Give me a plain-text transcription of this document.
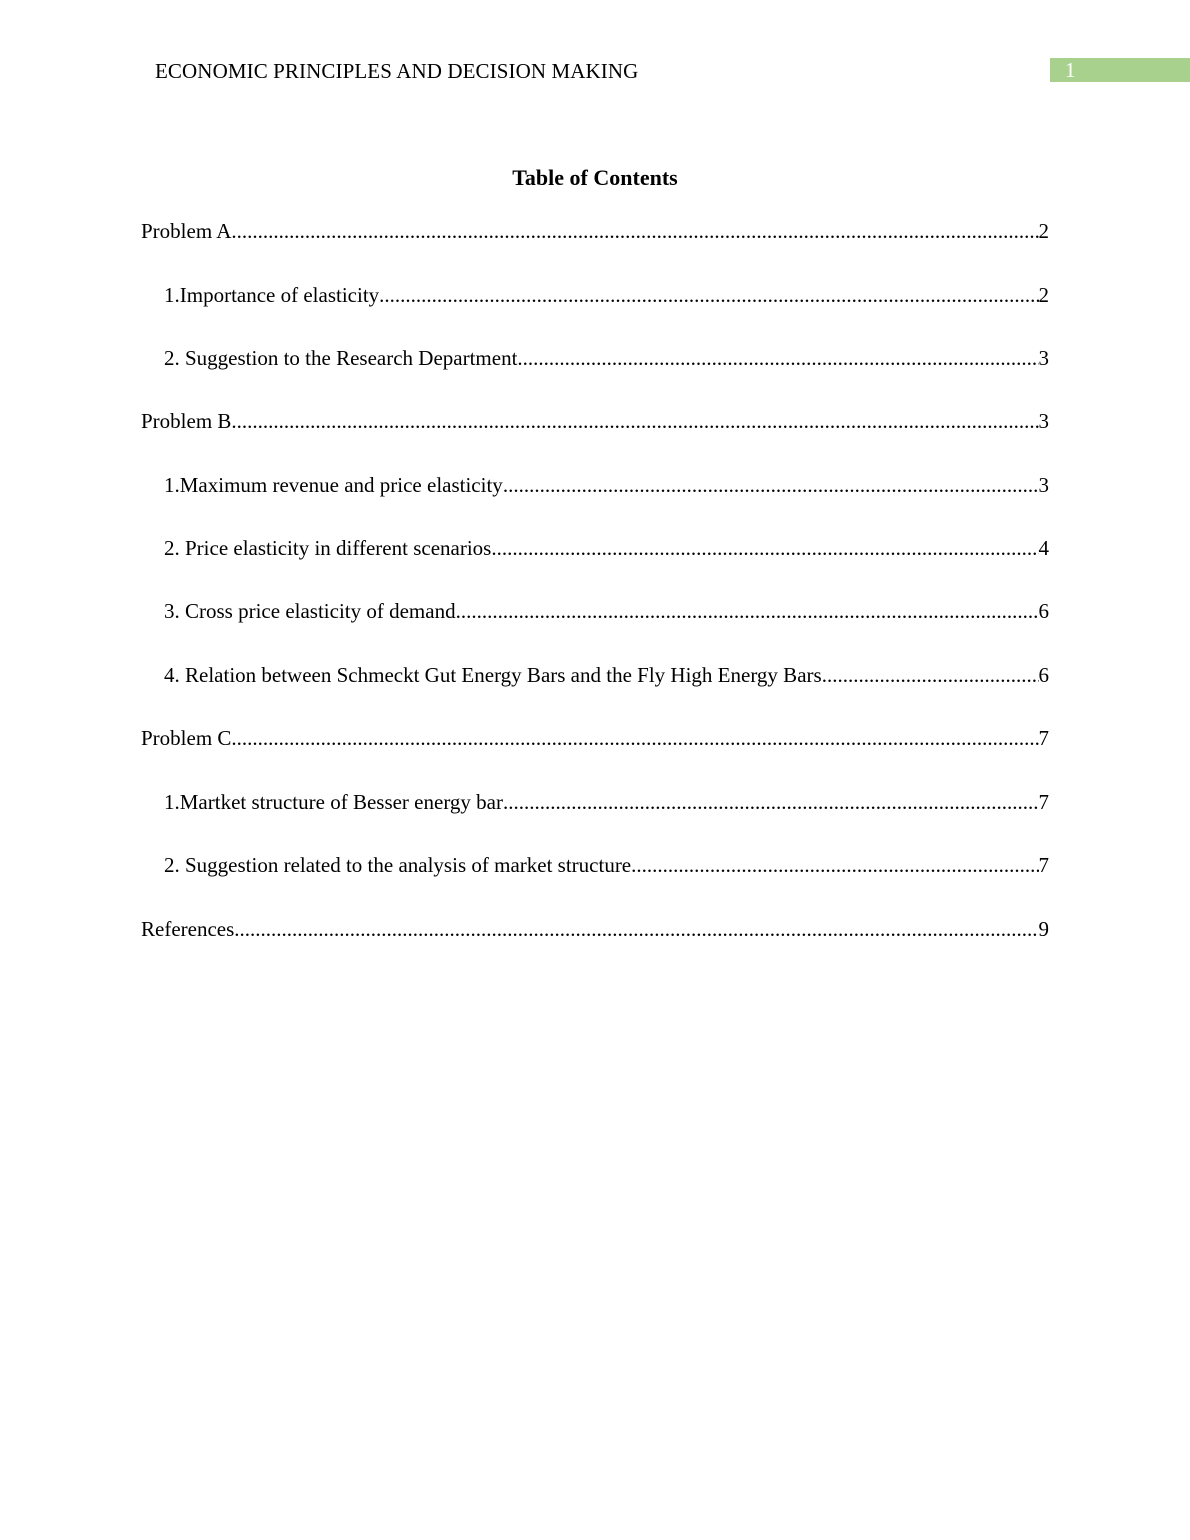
ECONOMIC PRINCIPLES AND DECISION MAKING	1
Table of Contents
Problem A .....	2
1.Importance of elasticity .....	2
2. Suggestion to the Research Department .....	3
Problem B .....	3
1.Maximum revenue and price elasticity .....	3
2. Price elasticity in different scenarios .....	4
3. Cross price elasticity of demand .....	6
4. Relation between Schmeckt Gut Energy Bars and the Fly High Energy Bars .....	6
Problem C .....	7
1.Martket structure of Besser energy bar .....	7
2. Suggestion related to the analysis of market structure .....	7
References .....	9
